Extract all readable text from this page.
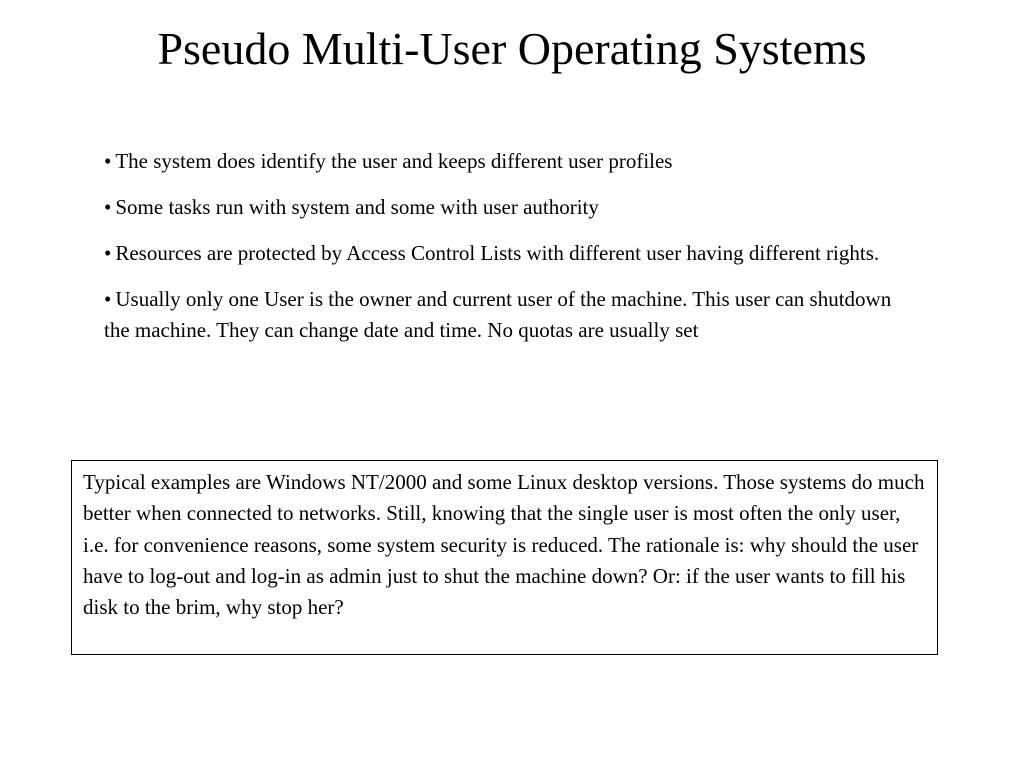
Pseudo Multi-User Operating Systems
• The system does identify the user and keeps different user profiles
• Some tasks run with system and some with user authority
• Resources are protected by Access Control Lists with different user having different rights.
• Usually only one User is the owner and current user of the machine. This user can shutdown the machine. They can change date and time. No quotas are usually set
Typical examples are Windows NT/2000 and some Linux desktop versions. Those systems do much better when connected to networks. Still, knowing that the single user is most often the only user, i.e. for convenience reasons, some system security is reduced. The rationale is: why should the user have to log-out and log-in as admin just to shut the machine down? Or: if the user wants to fill his disk to the brim, why stop her?
